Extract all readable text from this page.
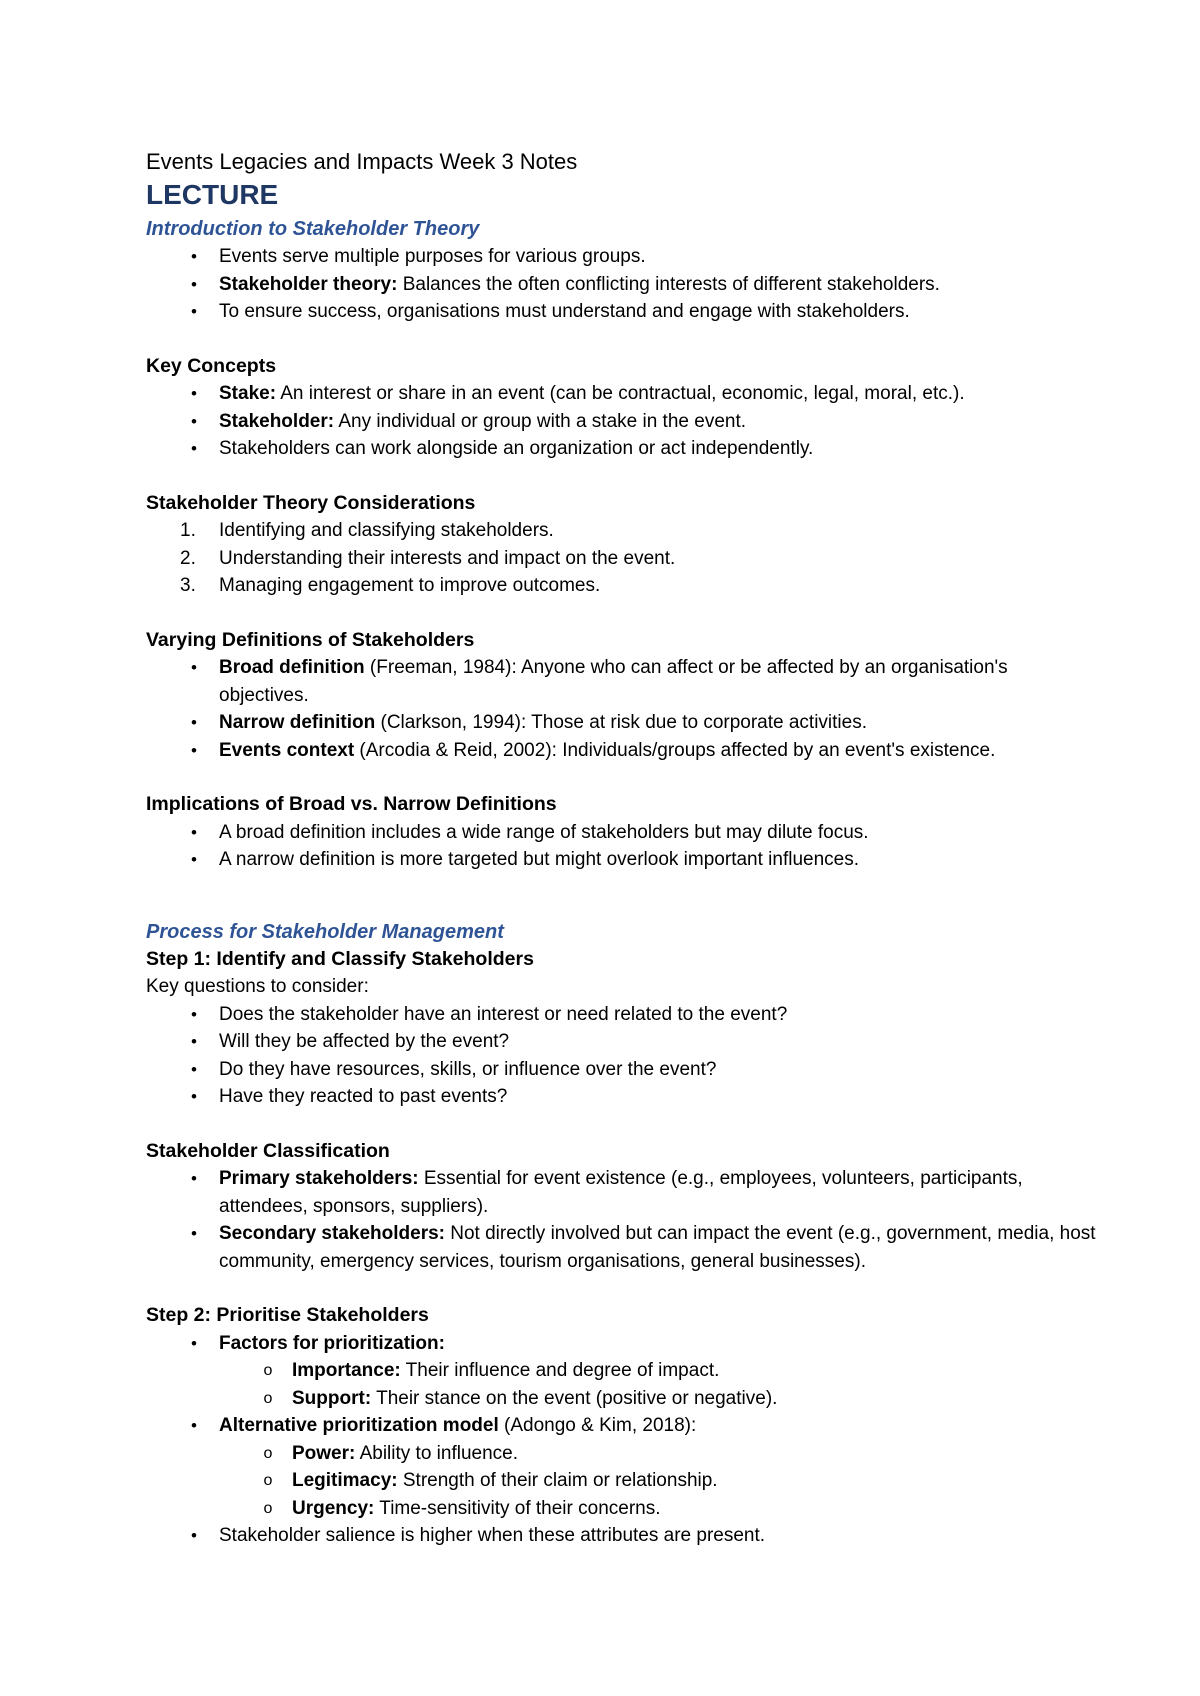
Events Legacies and Impacts Week 3 Notes

LECTURE

Introduction to Stakeholder Theory

•	Events serve multiple purposes for various groups.
•	Stakeholder theory: Balances the often conflicting interests of different stakeholders.
•	To ensure success, organisations must understand and engage with stakeholders.

Key Concepts

•	Stake: An interest or share in an event (can be contractual, economic, legal, moral, etc.).
•	Stakeholder: Any individual or group with a stake in the event.
•	Stakeholders can work alongside an organization or act independently.

Stakeholder Theory Considerations

1.	Identifying and classifying stakeholders.
2.	Understanding their interests and impact on the event.
3.	Managing engagement to improve outcomes.

Varying Definitions of Stakeholders

•	Broad definition (Freeman, 1984): Anyone who can affect or be affected by an organisation's objectives.
•	Narrow definition (Clarkson, 1994): Those at risk due to corporate activities.
•	Events context (Arcodia & Reid, 2002): Individuals/groups affected by an event's existence.

Implications of Broad vs. Narrow Definitions

•	A broad definition includes a wide range of stakeholders but may dilute focus.
•	A narrow definition is more targeted but might overlook important influences.

Process for Stakeholder Management

Step 1: Identify and Classify Stakeholders

Key questions to consider:

•	Does the stakeholder have an interest or need related to the event?
•	Will they be affected by the event?
•	Do they have resources, skills, or influence over the event?
•	Have they reacted to past events?

Stakeholder Classification

•	Primary stakeholders: Essential for event existence (e.g., employees, volunteers, participants, attendees, sponsors, suppliers).
•	Secondary stakeholders: Not directly involved but can impact the event (e.g., government, media, host community, emergency services, tourism organisations, general businesses).

Step 2: Prioritise Stakeholders

•	Factors for prioritization:
o	Importance: Their influence and degree of impact.
o	Support: Their stance on the event (positive or negative).
•	Alternative prioritization model (Adongo & Kim, 2018):
o	Power: Ability to influence.
o	Legitimacy: Strength of their claim or relationship.
o	Urgency: Time-sensitivity of their concerns.
•	Stakeholder salience is higher when these attributes are present.
